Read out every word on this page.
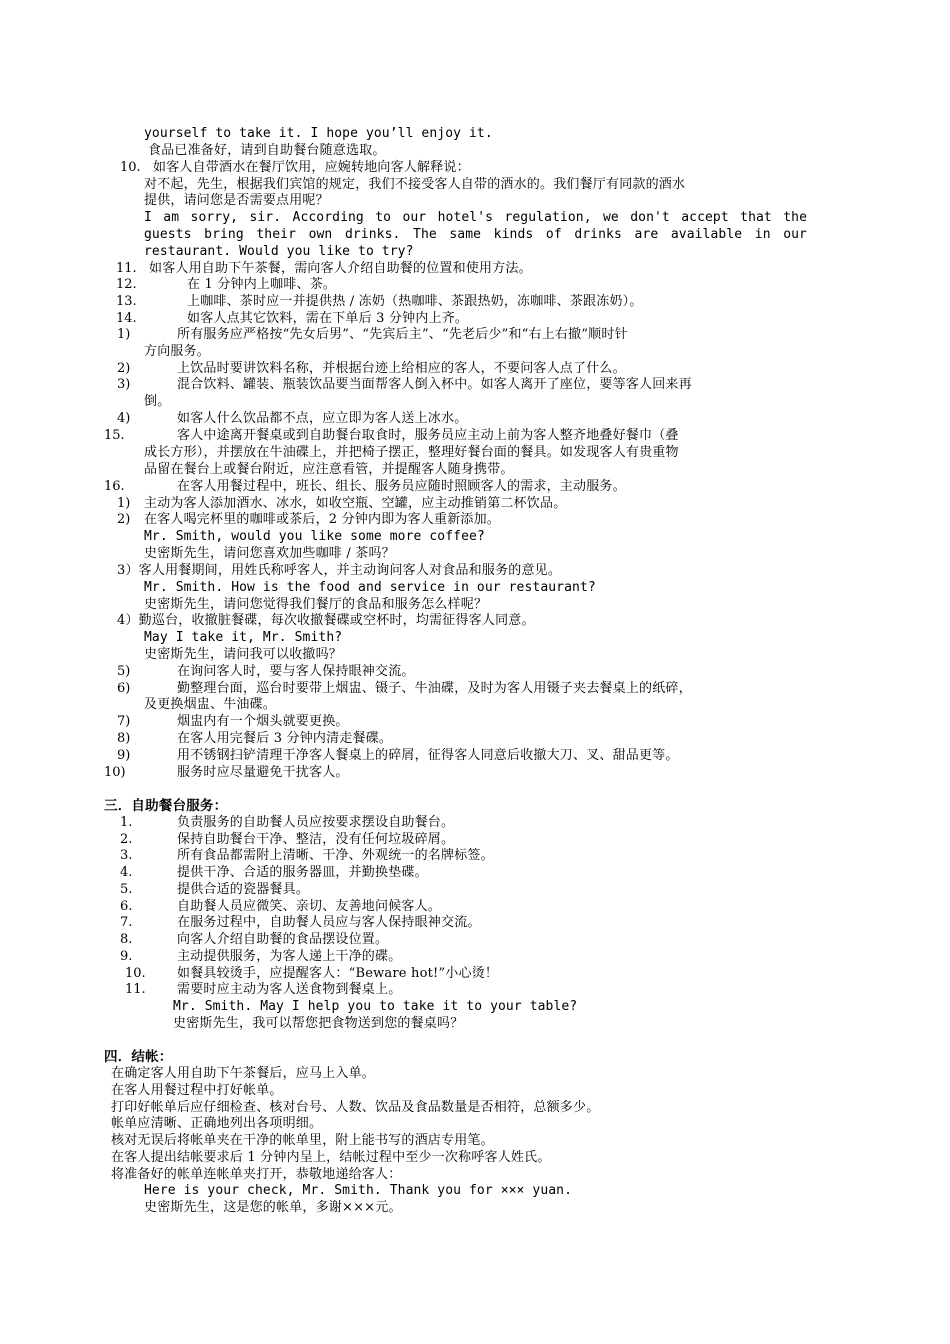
yourself to take it. I hope you’ll enjoy it.
食品已准备好，请到自助餐台随意选取。
10. 如客人自带酒水在餐厅饮用，应婉转地向客人解释说：
对不起，先生，根据我们宾馆的规定，我们不接受客人自带的酒水的。我们餐厅有同款的酒水
提供，请问您是否需要点用呢？
I am sorry, sir. According to our hotel's regulation, we don't accept that the
guests bring their own drinks. The same kinds of drinks are available in our
restaurant. Would you like to try?
11. 如客人用自助下午茶餐，需向客人介绍自助餐的位置和使用方法。
12.	在 1 分钟内上咖啡、茶。
13.	上咖啡、茶时应一并提供热 / 冻奶（热咖啡、茶跟热奶，冻咖啡、茶跟冻奶）。
14.	如客人点其它饮料，需在下单后 3 分钟内上齐。
1)	所有服务应严格按“先女后男”、“先宾后主”、“先老后少”和“右上右撤”顺时针
方向服务。
2)	上饮品时要讲饮料名称，并根据台迹上给相应的客人，不要问客人点了什么。
3)	混合饮料、罐装、瓶装饮品要当面帮客人倒入杯中。如客人离开了座位，要等客人回来再
倒。
4)	如客人什么饮品都不点，应立即为客人送上冰水。
15.	客人中途离开餐桌或到自助餐台取食时，服务员应主动上前为客人整齐地叠好餐巾（叠
成长方形），并摆放在牛油碟上，并把椅子摆正，整理好餐台面的餐具。如发现客人有贵重物
品留在餐台上或餐台附近，应注意看管，并提醒客人随身携带。
16.	在客人用餐过程中，班长、组长、服务员应随时照顾客人的需求，主动服务。
1) 主动为客人添加酒水、冰水，如收空瓶、空罐，应主动推销第二杯饮品。
2) 在客人喝完杯里的咖啡或茶后，2 分钟内即为客人重新添加。
Mr. Smith, would you like some more coffee?
史密斯先生，请问您喜欢加些咖啡 / 茶吗？
3）客人用餐期间，用姓氏称呼客人，并主动询问客人对食品和服务的意见。
Mr. Smith. How is the food and service in our restaurant?
史密斯先生，请问您觉得我们餐厅的食品和服务怎么样呢？
4）勤巡台，收撤脏餐碟，每次收撤餐碟或空杯时，均需征得客人同意。
May I take it, Mr. Smith?
史密斯先生，请问我可以收撤吗？
5)	在询问客人时，要与客人保持眼神交流。
6)	勤整理台面，巡台时要带上烟盅、镊子、牛油碟，及时为客人用镊子夹去餐桌上的纸碎，
及更换烟盅、牛油碟。
7)	烟盅内有一个烟头就要更换。
8)	在客人用完餐后 3 分钟内清走餐碟。
9)	用不锈钢扫铲清理干净客人餐桌上的碎屑，征得客人同意后收撤大刀、叉、甜品更等。
10)	服务时应尽量避免干扰客人。
三．自助餐台服务：
1.	负责服务的自助餐人员应按要求摆设自助餐台。
2.	保持自助餐台干净、整洁，没有任何垃圾碎屑。
3.	所有食品都需附上清晰、干净、外观统一的名牌标签。
4.	提供干净、合适的服务器皿，并勤换垫碟。
5.	提供合适的瓷器餐具。
6.	自助餐人员应微笑、亲切、友善地问候客人。
7.	在服务过程中，自助餐人员应与客人保持眼神交流。
8.	向客人介绍自助餐的食品摆设位置。
9.	主动提供服务，为客人递上干净的碟。
10. 如餐具较烫手，应提醒客人：“Beware hot!”小心烫！
11. 需要时应主动为客人送食物到餐桌上。
Mr. Smith. May I help you to take it to your table?
史密斯先生，我可以帮您把食物送到您的餐桌吗？
四．结帐：
在确定客人用自助下午茶餐后，应马上入单。
在客人用餐过程中打好帐单。
打印好帐单后应仔细检查、核对台号、人数、饮品及食品数量是否相符，总额多少。
帐单应清晰、正确地列出各项明细。
核对无误后将帐单夹在干净的帐单里，附上能书写的酒店专用笔。
在客人提出结帐要求后 1 分钟内呈上，结帐过程中至少一次称呼客人姓氏。
将准备好的帐单连帐单夹打开，恭敬地递给客人：
Here is your check, Mr. Smith. Thank you for ××× yuan.
史密斯先生，这是您的帐单，多谢×××元。
